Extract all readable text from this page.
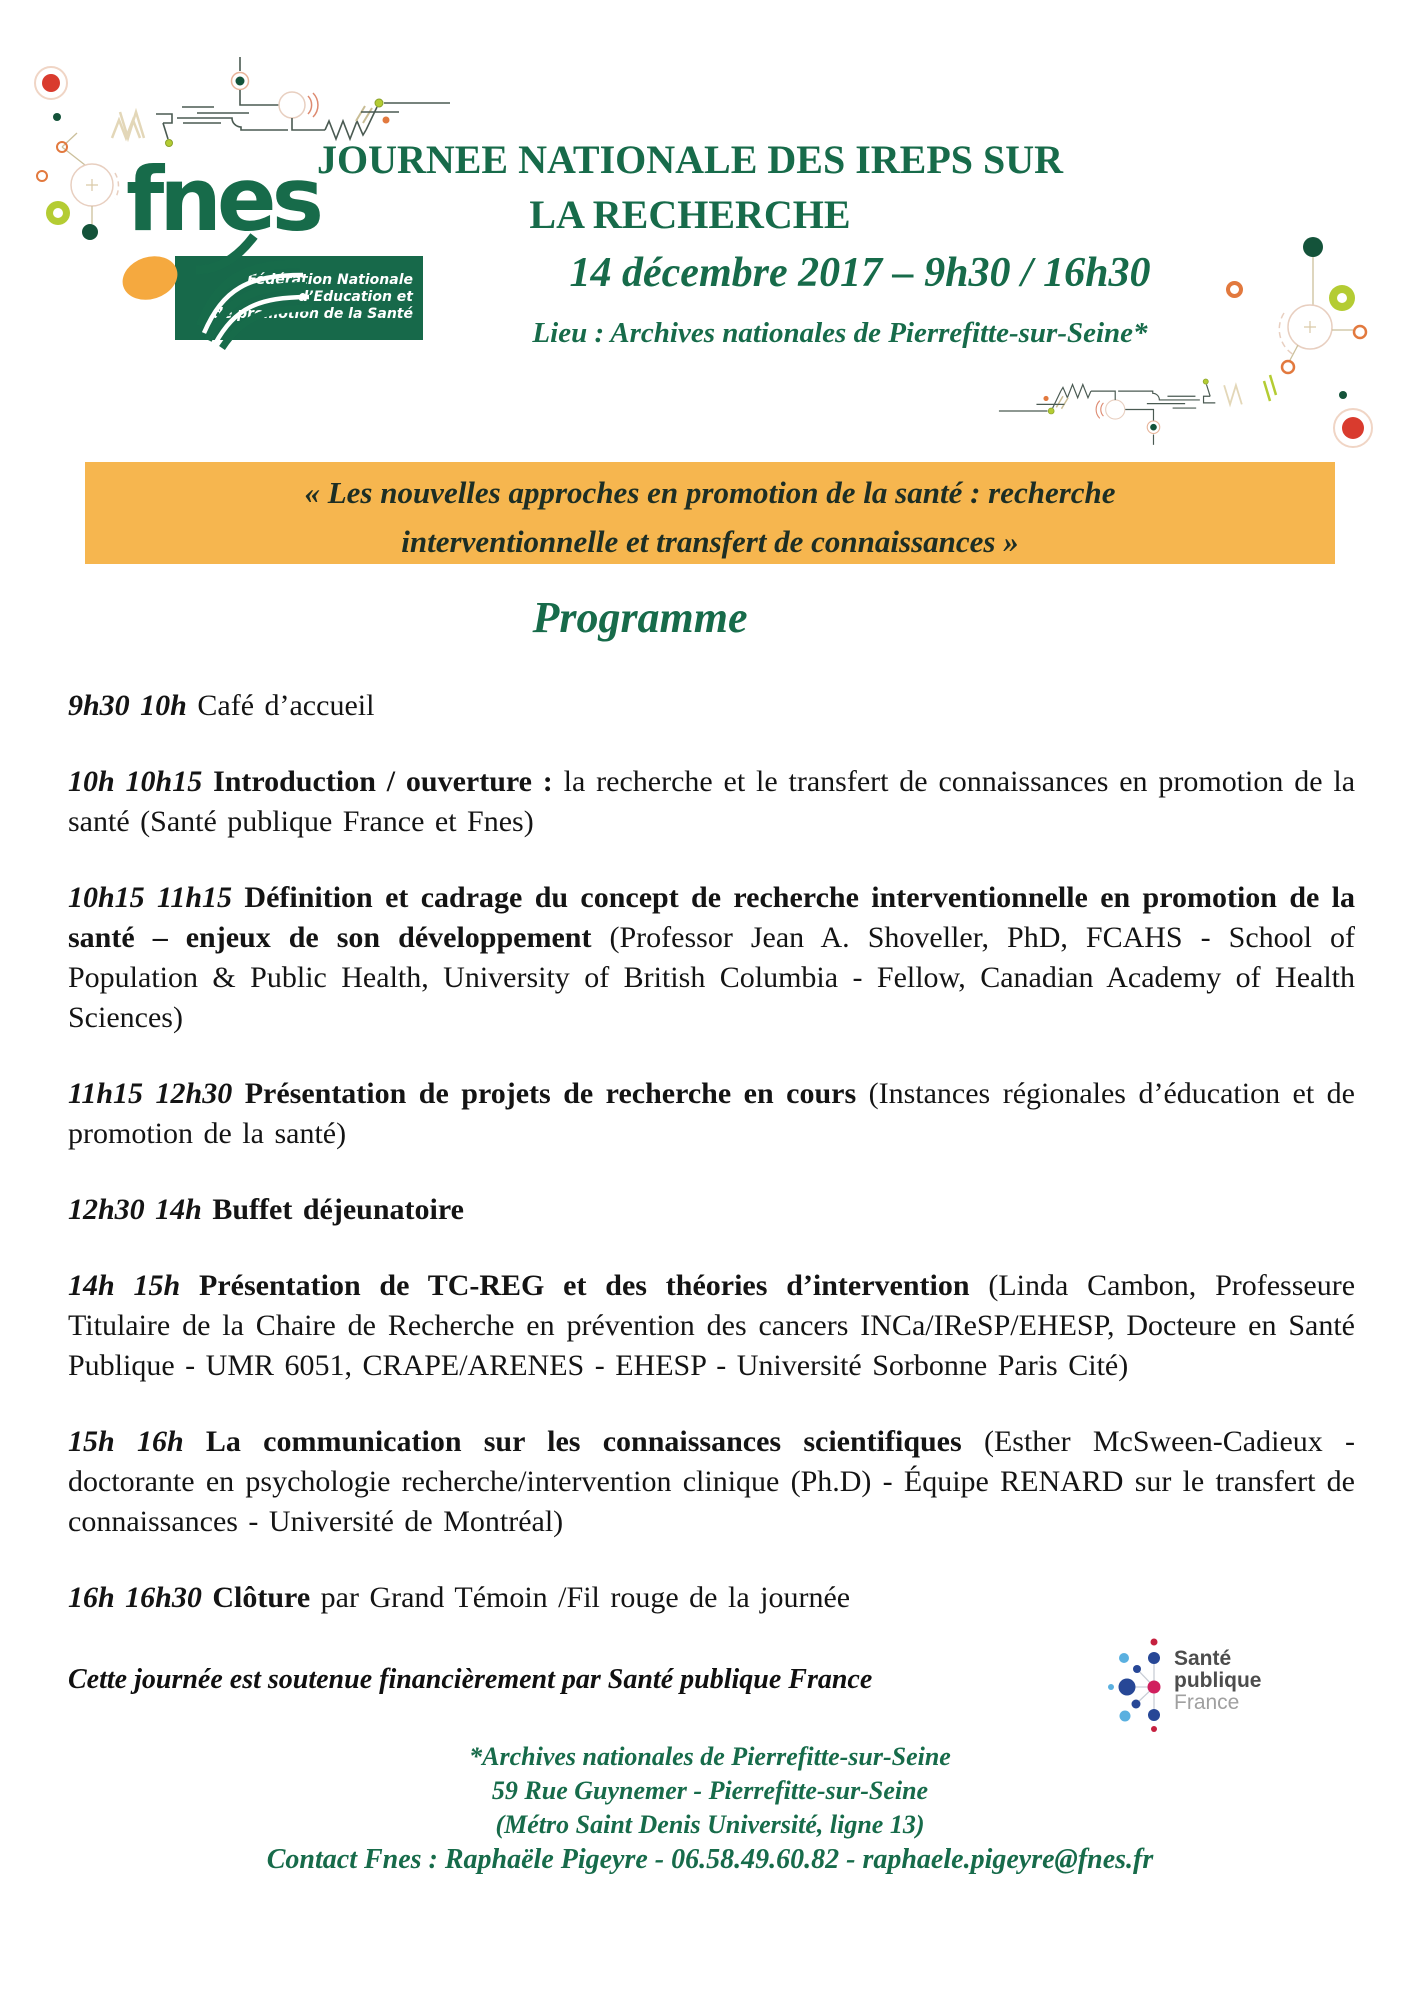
fnes
Fédération Nationale
d’Education et
de promotion de la Santé
JOURNEE NATIONALE DES IREPS SUR
LA RECHERCHE
14 décembre 2017 – 9h30 / 16h30
Lieu : Archives nationales de Pierrefitte-sur-Seine*
« Les nouvelles approches en promotion de la santé : recherche
interventionnelle et transfert de connaissances »
Programme

9h30 10h Café d’accueil

10h 10h15 Introduction / ouverture : la recherche et le transfert de connaissances en promotion de la santé (Santé publique France et Fnes)

10h15 11h15 Définition et cadrage du concept de recherche interventionnelle en promotion de la santé – enjeux de son développement (Professor Jean A. Shoveller, PhD, FCAHS - School of Population & Public Health, University of British Columbia - Fellow, Canadian Academy of Health Sciences)

11h15 12h30 Présentation de projets de recherche en cours (Instances régionales d’éducation et de promotion de la santé)

12h30 14h Buffet déjeunatoire

14h 15h Présentation de TC-REG et des théories d’intervention (Linda Cambon, Professeure Titulaire de la Chaire de Recherche en prévention des cancers INCa/IReSP/EHESP, Docteure en Santé Publique - UMR 6051, CRAPE/ARENES - EHESP - Université Sorbonne Paris Cité)

15h 16h La communication sur les connaissances scientifiques (Esther McSween-Cadieux - doctorante en psychologie recherche/intervention clinique (Ph.D) - Équipe RENARD sur le transfert de connaissances - Université de Montréal)

16h 16h30 Clôture par Grand Témoin /Fil rouge de la journée

Cette journée est soutenue financièrement par Santé publique France
Santé
publique
France

*Archives nationales de Pierrefitte-sur-Seine

59 Rue Guynemer - Pierrefitte-sur-Seine

(Métro Saint Denis Université, ligne 13)

Contact Fnes : Raphaële Pigeyre - 06.58.49.60.82 - raphaele.pigeyre@fnes.fr
